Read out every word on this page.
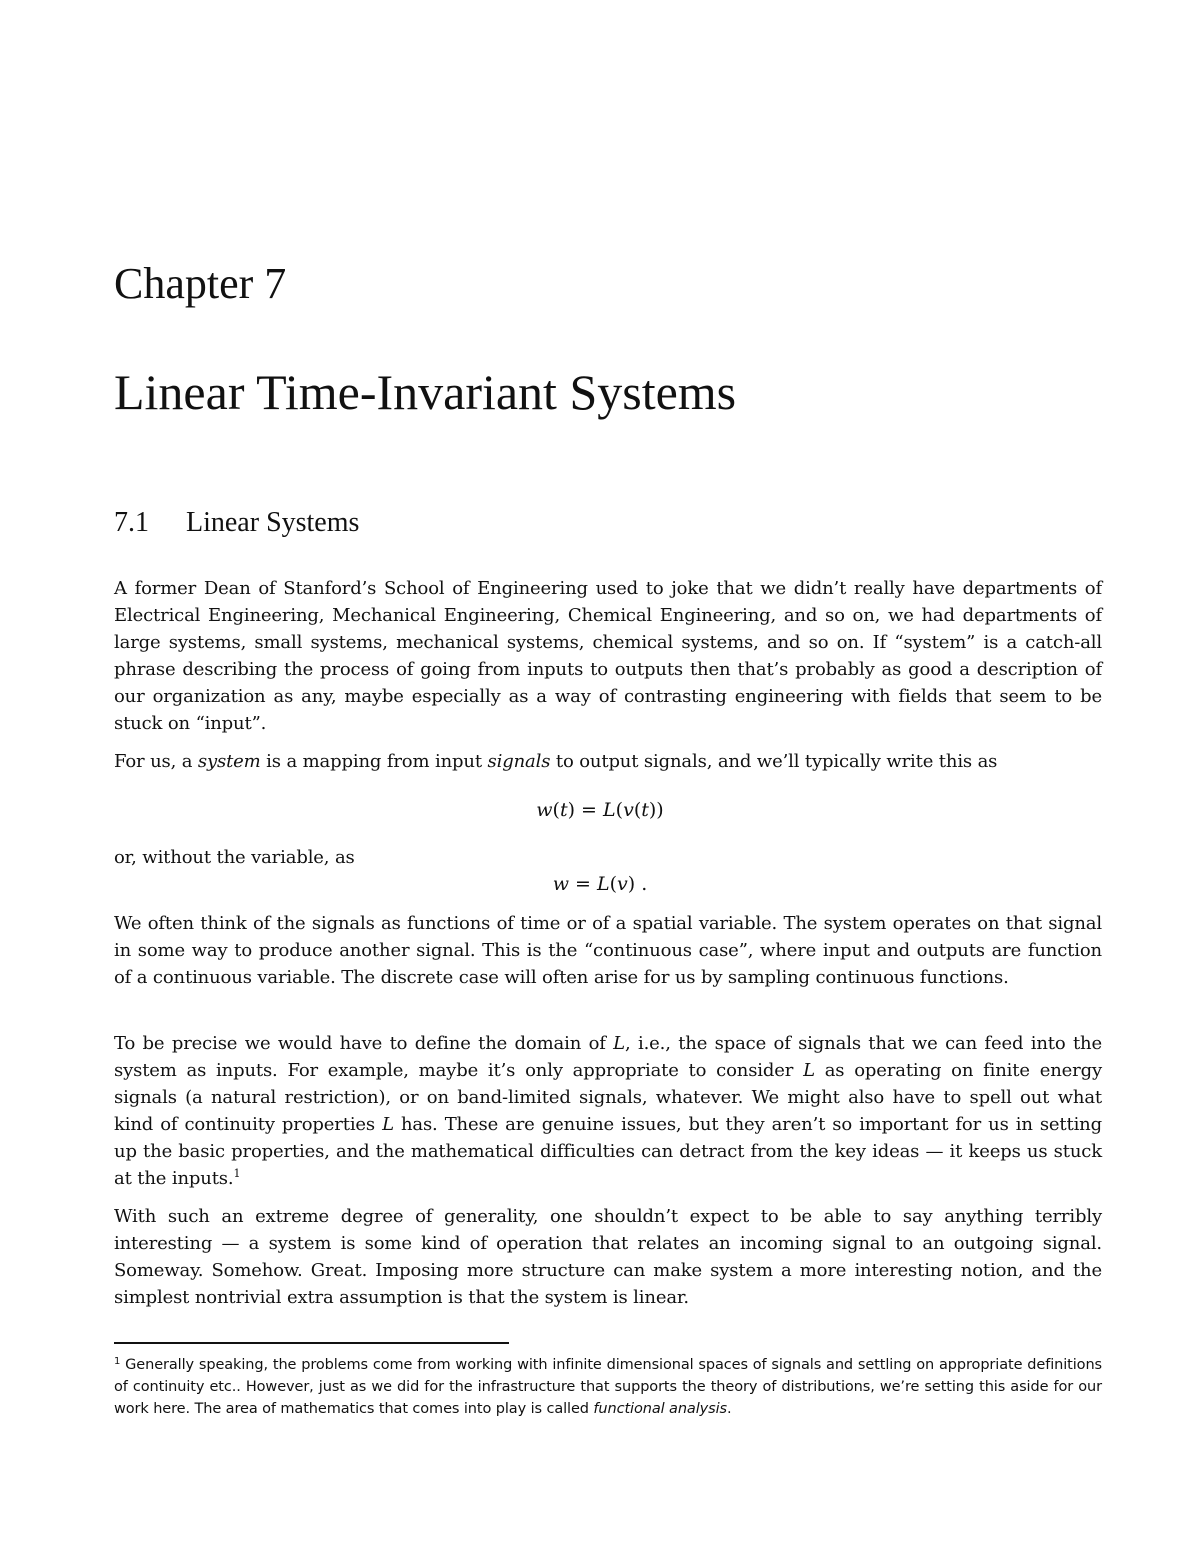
Chapter 7
Linear Time-Invariant Systems
7.1 Linear Systems

A former Dean of Stanford’s School of Engineering used to joke that we didn’t really have departments of Electrical Engineering, Mechanical Engineering, Chemical Engineering, and so on, we had departments of large systems, small systems, mechanical systems, chemical systems, and so on. If “system” is a catch-all phrase describing the process of going from inputs to outputs then that’s probably as good a description of our organization as any, maybe especially as a way of contrasting engineering with fields that seem to be stuck on “input”.

For us, a system is a mapping from input signals to output signals, and we’ll typically write this as

w(t) = L(v(t))

or, without the variable, as

w = L(v) .

We often think of the signals as functions of time or of a spatial variable. The system operates on that signal in some way to produce another signal. This is the “continuous case”, where input and outputs are function of a continuous variable. The discrete case will often arise for us by sampling continuous functions.

To be precise we would have to define the domain of L, i.e., the space of signals that we can feed into the system as inputs. For example, maybe it’s only appropriate to consider L as operating on finite energy signals (a natural restriction), or on band-limited signals, whatever. We might also have to spell out what kind of continuity properties L has. These are genuine issues, but they aren’t so important for us in setting up the basic properties, and the mathematical difficulties can detract from the key ideas — it keeps us stuck at the inputs.$^1$

With such an extreme degree of generality, one shouldn’t expect to be able to say anything terribly interesting — a system is some kind of operation that relates an incoming signal to an outgoing signal. Someway. Somehow. Great. Imposing more structure can make system a more interesting notion, and the simplest nontrivial extra assumption is that the system is linear.

$^1$ Generally speaking, the problems come from working with infinite dimensional spaces of signals and settling on appropriate definitions of continuity etc.. However, just as we did for the infrastructure that supports the theory of distributions, we’re setting this aside for our work here. The area of mathematics that comes into play is called functional analysis.
